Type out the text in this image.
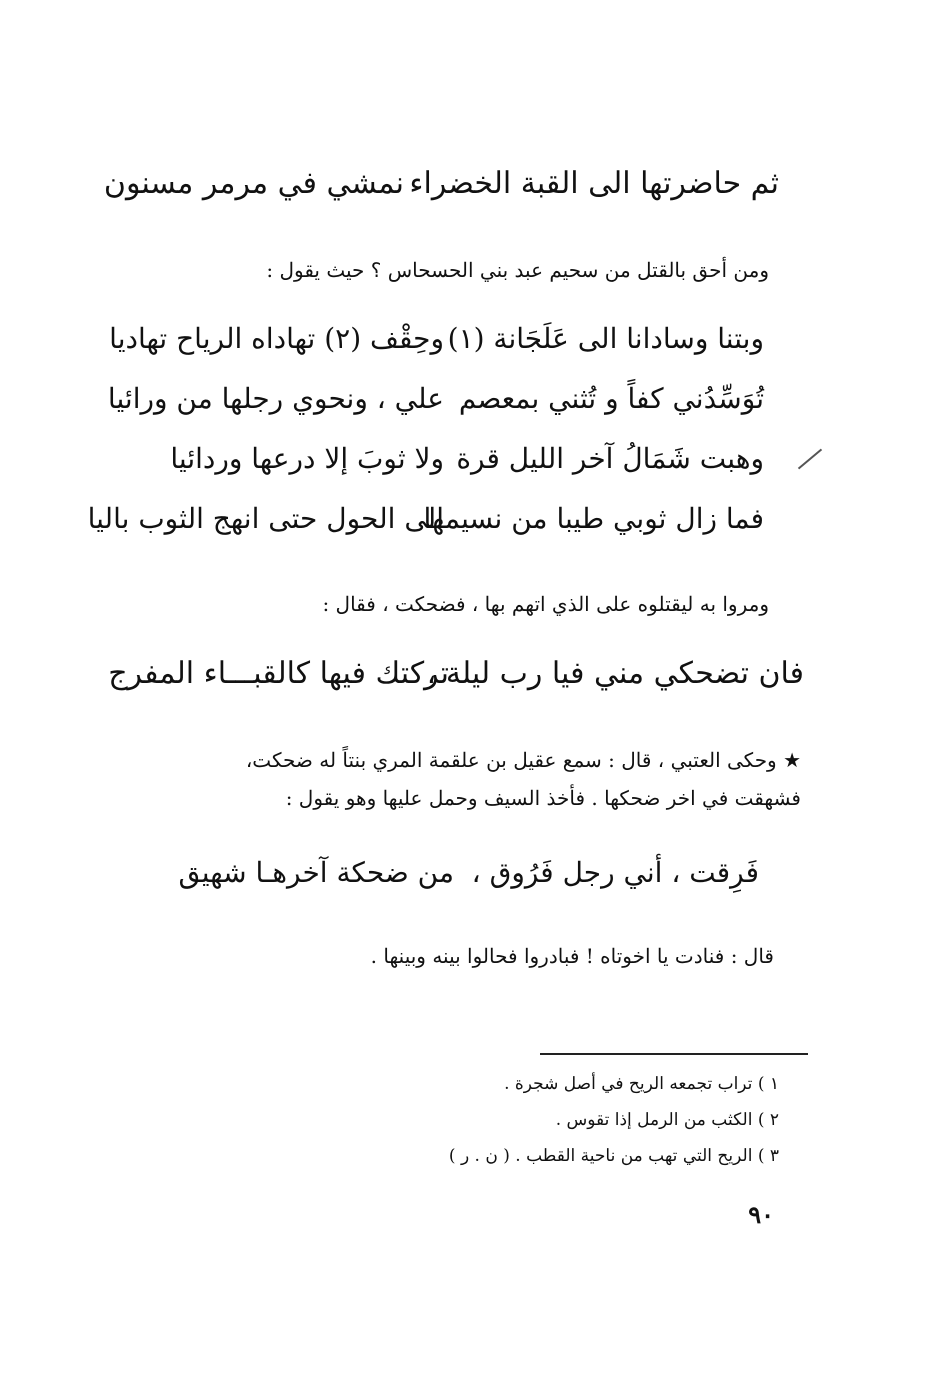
ثم حاضرتها الى القبة الخضراء
نمشي في مرمر مسنون
ومن أحق بالقتل من سحيم عبد بني الحسحاس ؟ حيث يقول :
وبتنا وسادانا الى عَلَجَانة (١)
وحِقْف (٢) تهاداه الرياح تهاديا
تُوَسِّدُني كفاً و تُثني بمعصم
علي ، ونحوي رجلها من ورائيا
وهبت شَمَالُ آخر الليل قرة
ولا ثوبَ إلا درعها وردائيا
فما زال ثوبي طيبا من نسيمها
الى الحول حتى انهج الثوب باليا
ومروا به ليقتلوه على الذي اتهم بها ، فضحكت ، فقال :
فان تضحكي مني فيا رب ليلة ،
تركتك فيها كالقبـــاء المفرج
★ وحكى العتبي ، قال : سمع عقيل بن علقمة المري بنتاً له ضحكت،
فشهقت في اخر ضحكها . فأخذ السيف وحمل عليها وهو يقول :
فَرِقت ، أني رجل فَرُوق ،
من ضحكة آخرهـا شهيق
قال : فنادت يا اخوتاه ! فبادروا فحالوا بينه وبينها .
١ ) تراب تجمعه الريح في أصل شجرة .
٢ ) الكثب من الرمل إذا تقوس .
٣ ) الريح التي تهب من ناحية القطب . ( ن . ر )
٩٠
